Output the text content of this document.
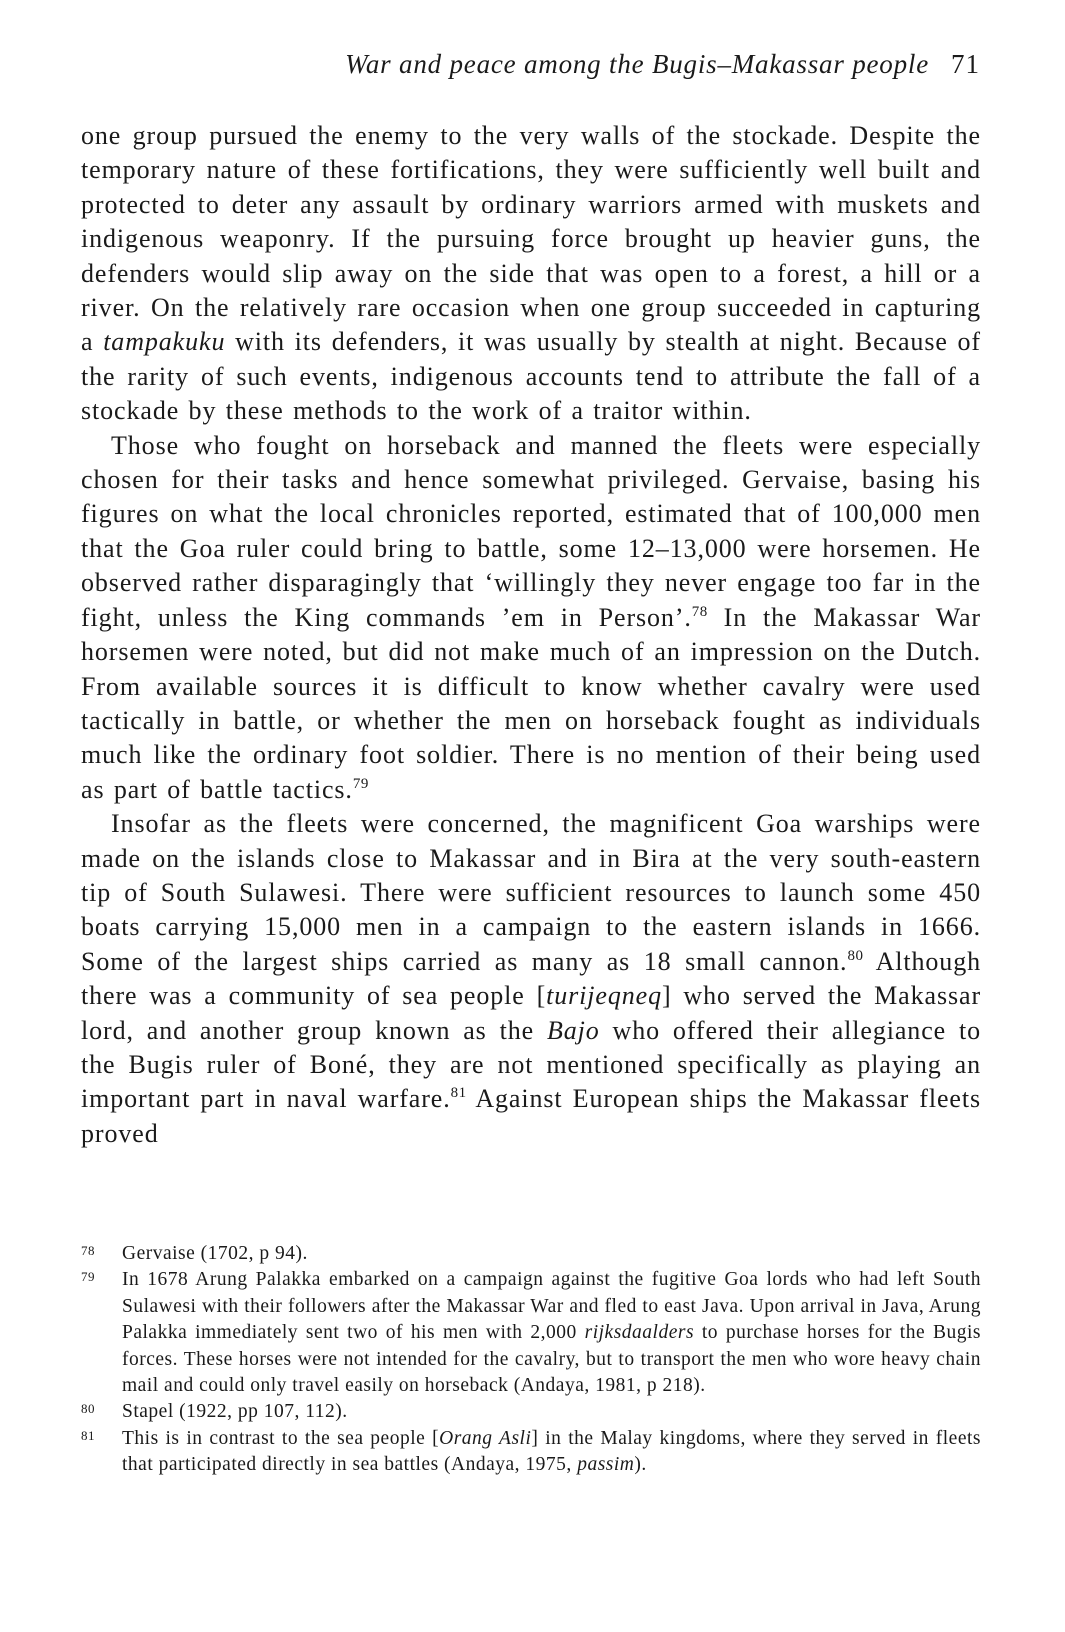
War and peace among the Bugis–Makassar people 71

one group pursued the enemy to the very walls of the stockade. Despite the temporary nature of these fortifications, they were sufficiently well built and protected to deter any assault by ordinary warriors armed with muskets and indigenous weaponry. If the pursuing force brought up heavier guns, the defenders would slip away on the side that was open to a forest, a hill or a river. On the relatively rare occasion when one group succeeded in capturing a tampakuku with its defenders, it was usually by stealth at night. Because of the rarity of such events, indigenous accounts tend to attribute the fall of a stockade by these methods to the work of a traitor within.

Those who fought on horseback and manned the fleets were especially chosen for their tasks and hence somewhat privileged. Gervaise, basing his figures on what the local chronicles reported, estimated that of 100,000 men that the Goa ruler could bring to battle, some 12–13,000 were horsemen. He observed rather disparagingly that ‘willingly they never engage too far in the fight, unless the King commands ’em in Person’.$^{78}$ In the Makassar War horsemen were noted, but did not make much of an impression on the Dutch. From available sources it is difficult to know whether cavalry were used tactically in battle, or whether the men on horseback fought as individuals much like the ordinary foot soldier. There is no mention of their being used as part of battle tactics.$^{79}$

Insofar as the fleets were concerned, the magnificent Goa warships were made on the islands close to Makassar and in Bira at the very south-eastern tip of South Sulawesi. There were sufficient resources to launch some 450 boats carrying 15,000 men in a campaign to the eastern islands in 1666. Some of the largest ships carried as many as 18 small cannon.$^{80}$ Although there was a community of sea people [turijeqneq] who served the Makassar lord, and another group known as the Bajo who offered their allegiance to the Bugis ruler of Boné, they are not mentioned specifically as playing an important part in naval warfare.$^{81}$ Against European ships the Makassar fleets proved

78	Gervaise (1702, p 94).
79	In 1678 Arung Palakka embarked on a campaign against the fugitive Goa lords who had left South Sulawesi with their followers after the Makassar War and fled to east Java. Upon arrival in Java, Arung Palakka immediately sent two of his men with 2,000 rijksdaalders to purchase horses for the Bugis forces. These horses were not intended for the cavalry, but to transport the men who wore heavy chain mail and could only travel easily on horseback (Andaya, 1981, p 218).
80	Stapel (1922, pp 107, 112).
81	This is in contrast to the sea people [Orang Asli] in the Malay kingdoms, where they served in fleets that participated directly in sea battles (Andaya, 1975, passim).
